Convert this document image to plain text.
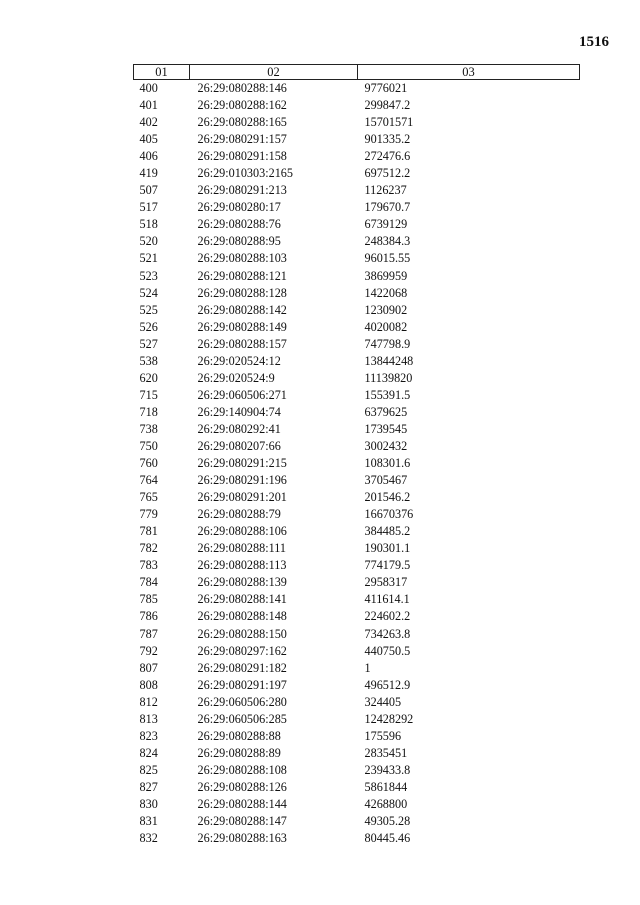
1516
01	02	03
400	26:29:080288:146	9776021
401	26:29:080288:162	299847.2
402	26:29:080288:165	15701571
405	26:29:080291:157	901335.2
406	26:29:080291:158	272476.6
419	26:29:010303:2165	697512.2
507	26:29:080291:213	1126237
517	26:29:080280:17	179670.7
518	26:29:080288:76	6739129
520	26:29:080288:95	248384.3
521	26:29:080288:103	96015.55
523	26:29:080288:121	3869959
524	26:29:080288:128	1422068
525	26:29:080288:142	1230902
526	26:29:080288:149	4020082
527	26:29:080288:157	747798.9
538	26:29:020524:12	13844248
620	26:29:020524:9	11139820
715	26:29:060506:271	155391.5
718	26:29:140904:74	6379625
738	26:29:080292:41	1739545
750	26:29:080207:66	3002432
760	26:29:080291:215	108301.6
764	26:29:080291:196	3705467
765	26:29:080291:201	201546.2
779	26:29:080288:79	16670376
781	26:29:080288:106	384485.2
782	26:29:080288:111	190301.1
783	26:29:080288:113	774179.5
784	26:29:080288:139	2958317
785	26:29:080288:141	411614.1
786	26:29:080288:148	224602.2
787	26:29:080288:150	734263.8
792	26:29:080297:162	440750.5
807	26:29:080291:182	1
808	26:29:080291:197	496512.9
812	26:29:060506:280	324405
813	26:29:060506:285	12428292
823	26:29:080288:88	175596
824	26:29:080288:89	2835451
825	26:29:080288:108	239433.8
827	26:29:080288:126	5861844
830	26:29:080288:144	4268800
831	26:29:080288:147	49305.28
832	26:29:080288:163	80445.46
